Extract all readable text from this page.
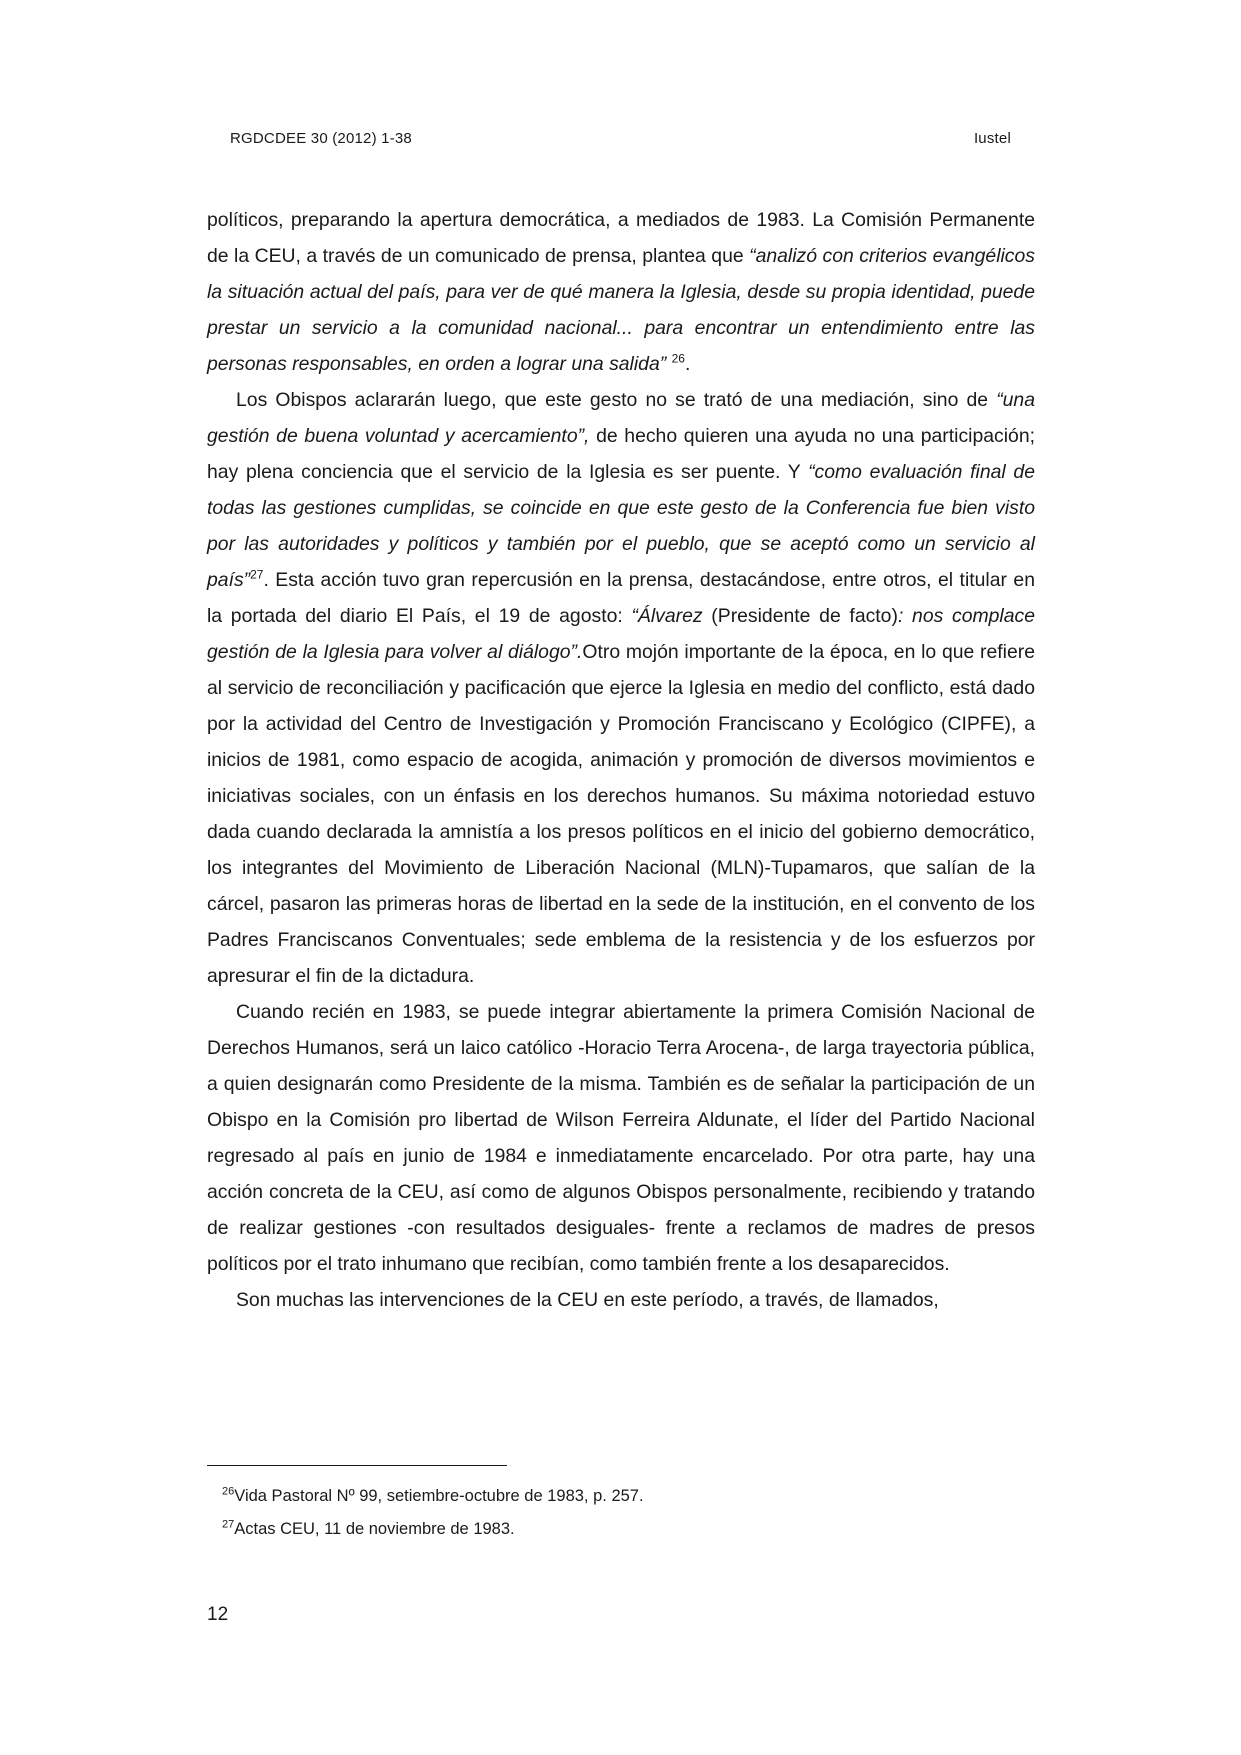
RGDCDEE 30 (2012) 1-38	Iustel

políticos, preparando la apertura democrática, a mediados de 1983. La Comisión Permanente de la CEU, a través de un comunicado de prensa, plantea que “analizó con criterios evangélicos la situación actual del país, para ver de qué manera la Iglesia, desde su propia identidad, puede prestar un servicio a la comunidad nacional... para encontrar un entendimiento entre las personas responsables, en orden a lograr una salida” $^{26}$.

Los Obispos aclararán luego, que este gesto no se trató de una mediación, sino de “una gestión de buena voluntad y acercamiento”, de hecho quieren una ayuda no una participación; hay plena conciencia que el servicio de la Iglesia es ser puente. Y “como evaluación final de todas las gestiones cumplidas, se coincide en que este gesto de la Conferencia fue bien visto por las autoridades y políticos y también por el pueblo, que se aceptó como un servicio al país”$^{27}$. Esta acción tuvo gran repercusión en la prensa, destacándose, entre otros, el titular en la portada del diario El País, el 19 de agosto: “Álvarez (Presidente de facto): nos complace gestión de la Iglesia para volver al diálogo”.Otro mojón importante de la época, en lo que refiere al servicio de reconciliación y pacificación que ejerce la Iglesia en medio del conflicto, está dado por la actividad del Centro de Investigación y Promoción Franciscano y Ecológico (CIPFE), a inicios de 1981, como espacio de acogida, animación y promoción de diversos movimientos e iniciativas sociales, con un énfasis en los derechos humanos. Su máxima notoriedad estuvo dada cuando declarada la amnistía a los presos políticos en el inicio del gobierno democrático, los integrantes del Movimiento de Liberación Nacional (MLN)-Tupamaros, que salían de la cárcel, pasaron las primeras horas de libertad en la sede de la institución, en el convento de los Padres Franciscanos Conventuales; sede emblema de la resistencia y de los esfuerzos por apresurar el fin de la dictadura.

Cuando recién en 1983, se puede integrar abiertamente la primera Comisión Nacional de Derechos Humanos, será un laico católico -Horacio Terra Arocena-, de larga trayectoria pública, a quien designarán como Presidente de la misma. También es de señalar la participación de un Obispo en la Comisión pro libertad de Wilson Ferreira Aldunate, el líder del Partido Nacional regresado al país en junio de 1984 e inmediatamente encarcelado. Por otra parte, hay una acción concreta de la CEU, así como de algunos Obispos personalmente, recibiendo y tratando de realizar gestiones -con resultados desiguales- frente a reclamos de madres de presos políticos por el trato inhumano que recibían, como también frente a los desaparecidos.

Son muchas las intervenciones de la CEU en este período, a través, de llamados,

$^{26}$Vida Pastoral Nº 99, setiembre-octubre de 1983, p. 257.
$^{27}$Actas CEU, 11 de noviembre de 1983.
12
